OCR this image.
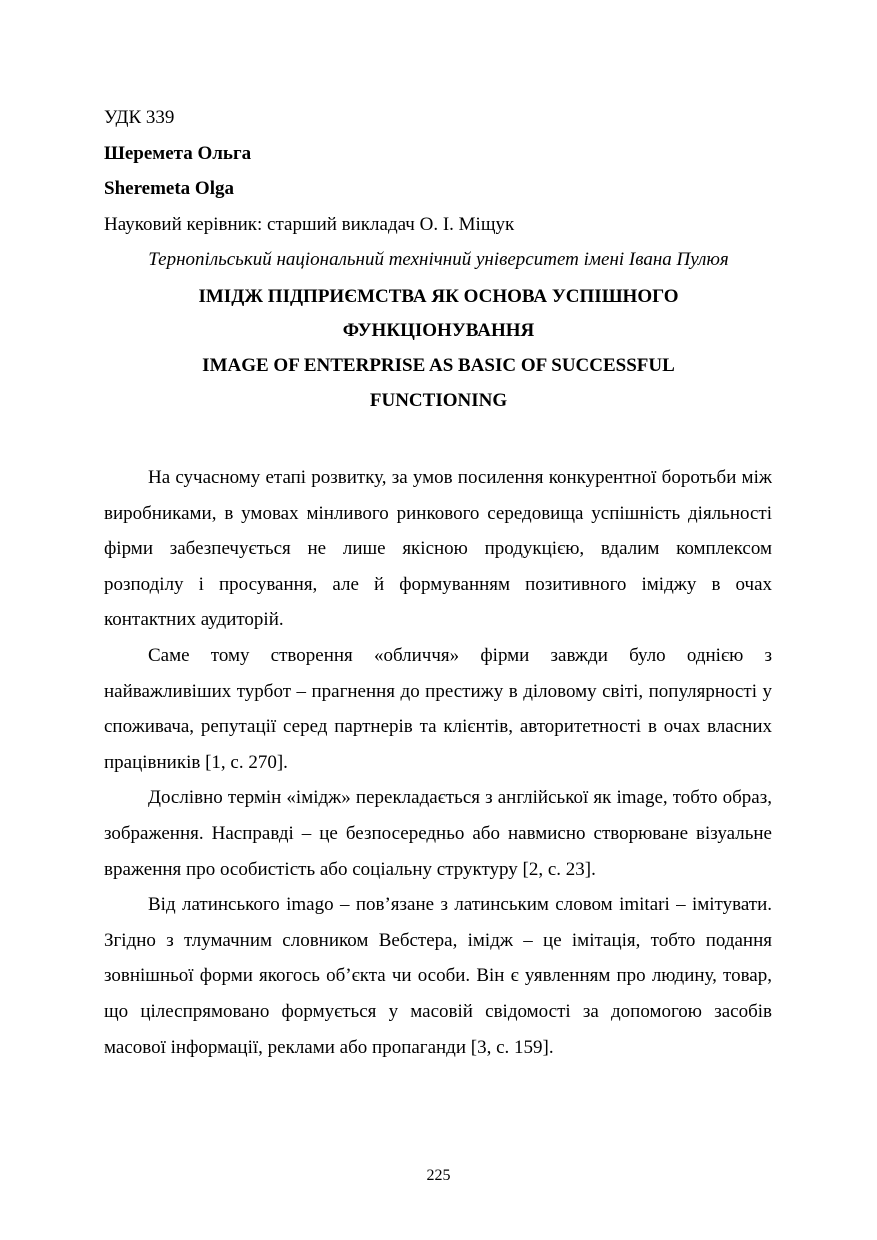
УДК 339
Шеремета Ольга
Sheremeta Olga
Науковий керівник: старший викладач О. І. Міщук
Тернопільський національний технічний університет імені Івана Пулюя
ІМІДЖ ПІДПРИЄМСТВА ЯК ОСНОВА УСПІШНОГО
ФУНКЦІОНУВАННЯ
IMAGE OF ENTERPRISE AS BASIC OF SUCCESSFUL
FUNCTIONING

На сучасному етапі розвитку, за умов посилення конкурентної боротьби між виробниками, в умовах мінливого ринкового середовища успішність діяльності фірми забезпечується не лише якісною продукцією, вдалим комплексом розподілу і просування, але й формуванням позитивного іміджу в очах контактних аудиторій.

Саме тому створення «обличчя» фірми завжди було однією з найважливіших турбот – прагнення до престижу в діловому світі, популярності у споживача, репутації серед партнерів та клієнтів, авторитетності в очах власних працівників [1, с. 270].

Дослівно термін «імідж» перекладається з англійської як image, тобто образ, зображення. Насправді – це безпосередньо або навмисно створюване візуальне враження про особистість або соціальну структуру [2, с. 23].

Від латинського imago – пов’язане з латинським словом imitari – імітувати. Згідно з тлумачним словником Вебстера, імідж – це імітація, тобто подання зовнішньої форми якогось об’єкта чи особи. Він є уявленням про людину, товар, що цілеспрямовано формується у масовій свідомості за допомогою засобів масової інформації, реклами або пропаганди [3, с. 159].

225
